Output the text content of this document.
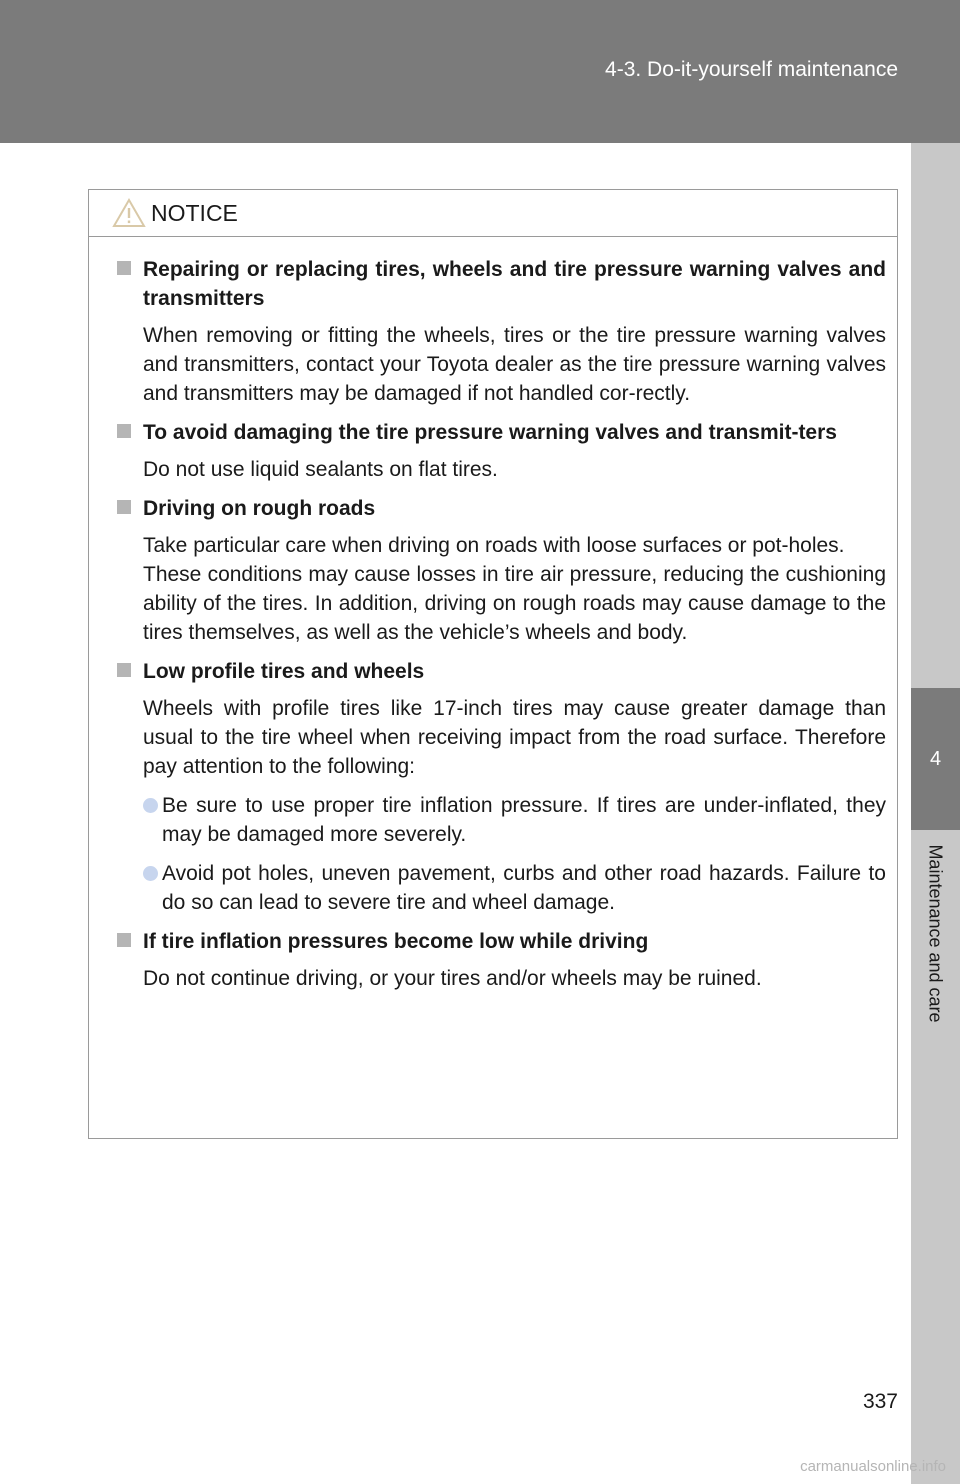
4-3. Do-it-yourself maintenance
4
Maintenance and care
NOTICE
Repairing or replacing tires, wheels and tire pressure warning valves and transmitters
When removing or fitting the wheels, tires or the tire pressure warning valves and transmitters, contact your Toyota dealer as the tire pressure warning valves and transmitters may be damaged if not handled cor-rectly.
To avoid damaging the tire pressure warning valves and transmit-ters
Do not use liquid sealants on flat tires.
Driving on rough roads
Take particular care when driving on roads with loose surfaces or pot-holes.
These conditions may cause losses in tire air pressure, reducing the cushioning ability of the tires. In addition, driving on rough roads may cause damage to the tires themselves, as well as the vehicle’s wheels and body.
Low profile tires and wheels
Wheels with profile tires like 17-inch tires may cause greater damage than usual to the tire wheel when receiving impact from the road surface. Therefore pay attention to the following:
Be sure to use proper tire inflation pressure. If tires are under-inflated, they may be damaged more severely.
Avoid pot holes, uneven pavement, curbs and other road hazards. Failure to do so can lead to severe tire and wheel damage.
If tire inflation pressures become low while driving
Do not continue driving, or your tires and/or wheels may be ruined.
337
carmanualsonline.info
